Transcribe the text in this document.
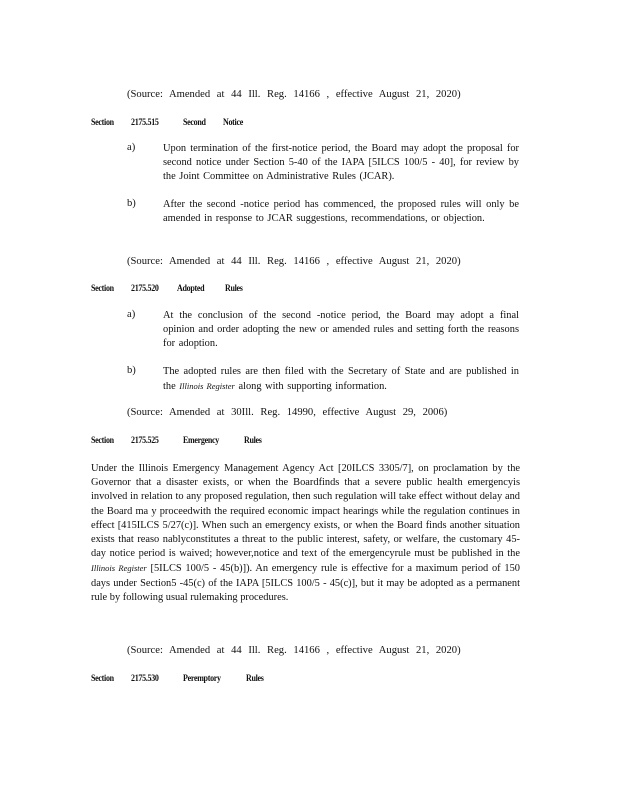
(Source: Amended at 44 Ill. Reg. 14166 , effective August 21, 2020)
Section 2175.515	Second Notice
a)	Upon termination of the first-notice period, the Board may adopt the proposal for second notice under Section 5-40 of the IAPA [5ILCS 100/5 - 40], for review by the Joint Committee on Administrative Rules (JCAR).
b)	After the second -notice period has commenced, the proposed rules will only be amended in response to JCAR suggestions, recommendations, or objection.
(Source: Amended at 44 Ill. Reg. 14166 , effective August 21, 2020)
Section 2175.520 Adopted	Rules
a)	At the conclusion of the second -notice period, the Board may adopt a final opinion and order adopting the new or amended rules and setting forth the reasons for adoption.
b)	The adopted rules are then filed with the Secretary of State and are published in the Illinois Register along with supporting information.
(Source: Amended at 30Ill. Reg. 14990, effective August 29, 2006)
Section 2175.525	Emergency	Rules
Under the Illinois Emergency Management Agency Act [20ILCS 3305/7], on proclamation by the Governor that a disaster exists, or when the Boardfinds that a severe public health emergencyis involved in relation to any proposed regulation, then such regulation will take effect without delay and the Board ma y proceedwith the required economic impact hearings while the regulation continues in effect [415ILCS 5/27(c)]. When such an emergency exists, or when the Board finds another situation exists that reaso nablyconstitutes a threat to the public interest, safety, or welfare, the customary 45-day notice period is waived; however,notice and text of the emergencyrule must be published in the Illinois Register [5ILCS 100/5 - 45(b)]). An emergency rule is effective for a maximum period of 150 days under Section5 -45(c) of the IAPA [5ILCS 100/5 - 45(c)], but it may be adopted as a permanent rule by following usual rulemaking procedures.
(Source: Amended at 44 Ill. Reg. 14166 , effective August 21, 2020)
Section 2175.530	Peremptory	Rules
